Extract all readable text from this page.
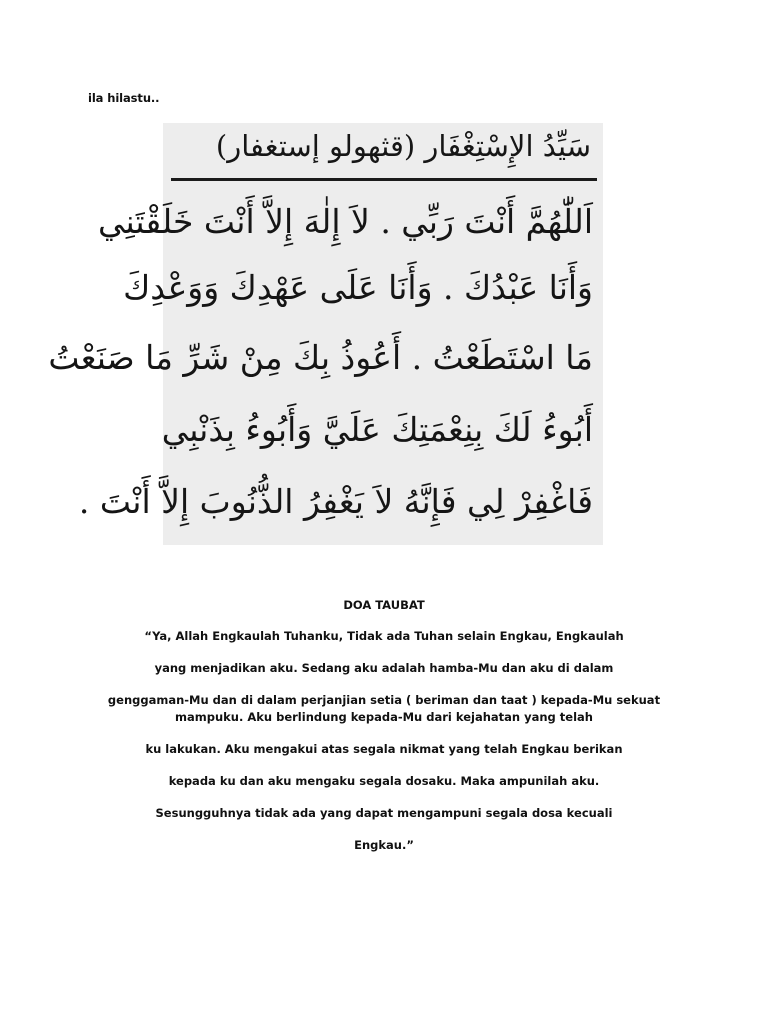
ila hilastu..
سَيِّدُ الإِسْتِغْفَار (قثهولو إستغفار)
اَللّٰهُمَّ أَنْتَ رَبِّي . لاَ إِلٰهَ إِلاَّ أَنْتَ خَلَقْتَنِي
وَأَنَا عَبْدُكَ . وَأَنَا عَلَى عَهْدِكَ وَوَعْدِكَ
مَا اسْتَطَعْتُ . أَعُوذُ بِكَ مِنْ شَرِّ مَا صَنَعْتُ
أَبُوءُ لَكَ بِنِعْمَتِكَ عَلَيَّ وَأَبُوءُ بِذَنْبِي
فَاغْفِرْ لِي فَإِنَّهُ لاَ يَغْفِرُ الذُّنُوبَ إِلاَّ أَنْتَ .

DOA TAUBAT

“Ya, Allah Engkaulah Tuhanku, Tidak ada Tuhan selain Engkau, Engkaulah

yang menjadikan aku. Sedang aku adalah hamba-Mu dan aku di dalam

genggaman-Mu dan di dalam perjanjian setia ( beriman dan taat ) kepada-Mu sekuat mampuku. Aku berlindung kepada-Mu dari kejahatan yang telah

ku lakukan. Aku mengakui atas segala nikmat yang telah Engkau berikan

kepada ku dan aku mengaku segala dosaku. Maka ampunilah aku.

Sesungguhnya tidak ada yang dapat mengampuni segala dosa kecuali

Engkau.”
